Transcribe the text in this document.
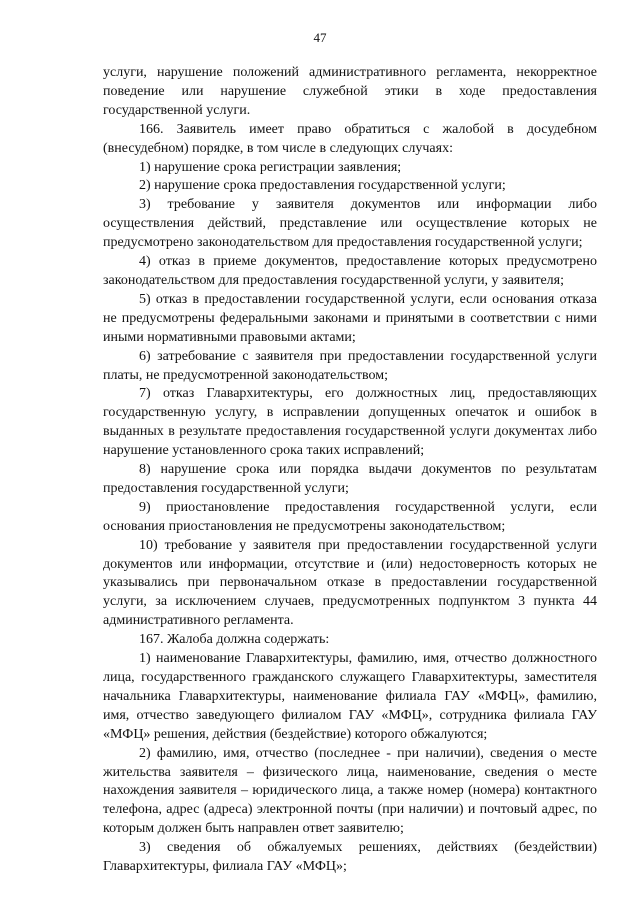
47

услуги, нарушение положений административного регламента, некорректное поведение или нарушение служебной этики в ходе предоставления государственной услуги.

166. Заявитель имеет право обратиться с жалобой в досудебном (внесудебном) порядке, в том числе в следующих случаях:

1) нарушение срока регистрации заявления;

2) нарушение срока предоставления государственной услуги;

3) требование у заявителя документов или информации либо осуществления действий, представление или осуществление которых не предусмотрено законодательством для предоставления государственной услуги;

4) отказ в приеме документов, предоставление которых предусмотрено законодательством для предоставления государственной услуги, у заявителя;

5) отказ в предоставлении государственной услуги, если основания отказа не предусмотрены федеральными законами и принятыми в соответствии с ними иными нормативными правовыми актами;

6) затребование с заявителя при предоставлении государственной услуги платы, не предусмотренной законодательством;

7) отказ Главархитектуры, его должностных лиц, предоставляющих государственную услугу, в исправлении допущенных опечаток и ошибок в выданных в результате предоставления государственной услуги документах либо нарушение установленного срока таких исправлений;

8) нарушение срока или порядка выдачи документов по результатам предоставления государственной услуги;

9) приостановление предоставления государственной услуги, если основания приостановления не предусмотрены законодательством;

10) требование у заявителя при предоставлении государственной услуги документов или информации, отсутствие и (или) недостоверность которых не указывались при первоначальном отказе в предоставлении государственной услуги, за исключением случаев, предусмотренных подпунктом 3 пункта 44 административного регламента.

167. Жалоба должна содержать:

1) наименование Главархитектуры, фамилию, имя, отчество должностного лица, государственного гражданского служащего Главархитектуры, заместителя начальника Главархитектуры, наименование филиала ГАУ «МФЦ», фамилию, имя, отчество заведующего филиалом ГАУ «МФЦ», сотрудника филиала ГАУ «МФЦ» решения, действия (бездействие) которого обжалуются;

2) фамилию, имя, отчество (последнее - при наличии), сведения о месте жительства заявителя – физического лица, наименование, сведения о месте нахождения заявителя – юридического лица, а также номер (номера) контактного телефона, адрес (адреса) электронной почты (при наличии) и почтовый адрес, по которым должен быть направлен ответ заявителю;

3) сведения об обжалуемых решениях, действиях (бездействии) Главархитектуры, филиала ГАУ «МФЦ»;
